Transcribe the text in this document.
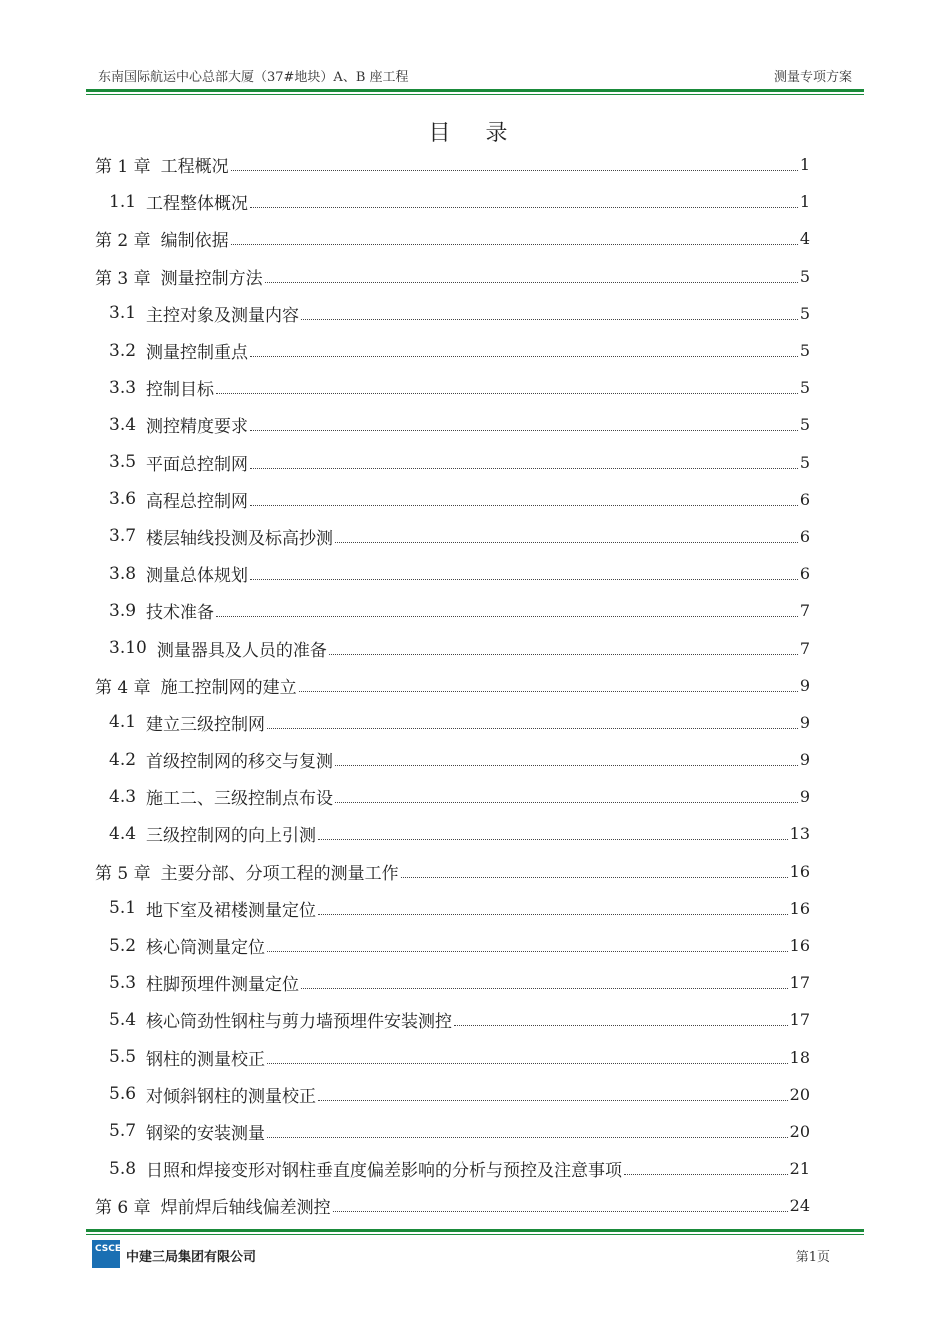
东南国际航运中心总部大厦（37#地块）A、B 座工程	测量专项方案
目 录
第 1 章 工程概况	1
1.1 工程整体概况	1
第 2 章 编制依据	4
第 3 章 测量控制方法	5
3.1 主控对象及测量内容	5
3.2 测量控制重点	5
3.3 控制目标	5
3.4 测控精度要求	5
3.5 平面总控制网	5
3.6 高程总控制网	6
3.7 楼层轴线投测及标高抄测	6
3.8 测量总体规划	6
3.9 技术准备	7
3.10 测量器具及人员的准备	7
第 4 章 施工控制网的建立	9
4.1 建立三级控制网	9
4.2 首级控制网的移交与复测	9
4.3 施工二、三级控制点布设	9
4.4 三级控制网的向上引测	13
第 5 章 主要分部、分项工程的测量工作	16
5.1 地下室及裙楼测量定位	16
5.2 核心筒测量定位	16
5.3 柱脚预埋件测量定位	17
5.4 核心筒劲性钢柱与剪力墙预埋件安装测控	17
5.5 钢柱的测量校正	18
5.6 对倾斜钢柱的测量校正	20
5.7 钢梁的安装测量	20
5.8 日照和焊接变形对钢柱垂直度偏差影响的分析与预控及注意事项	21
第 6 章 焊前焊后轴线偏差测控	24
CSCEC
中建三局集团有限公司	第1页
